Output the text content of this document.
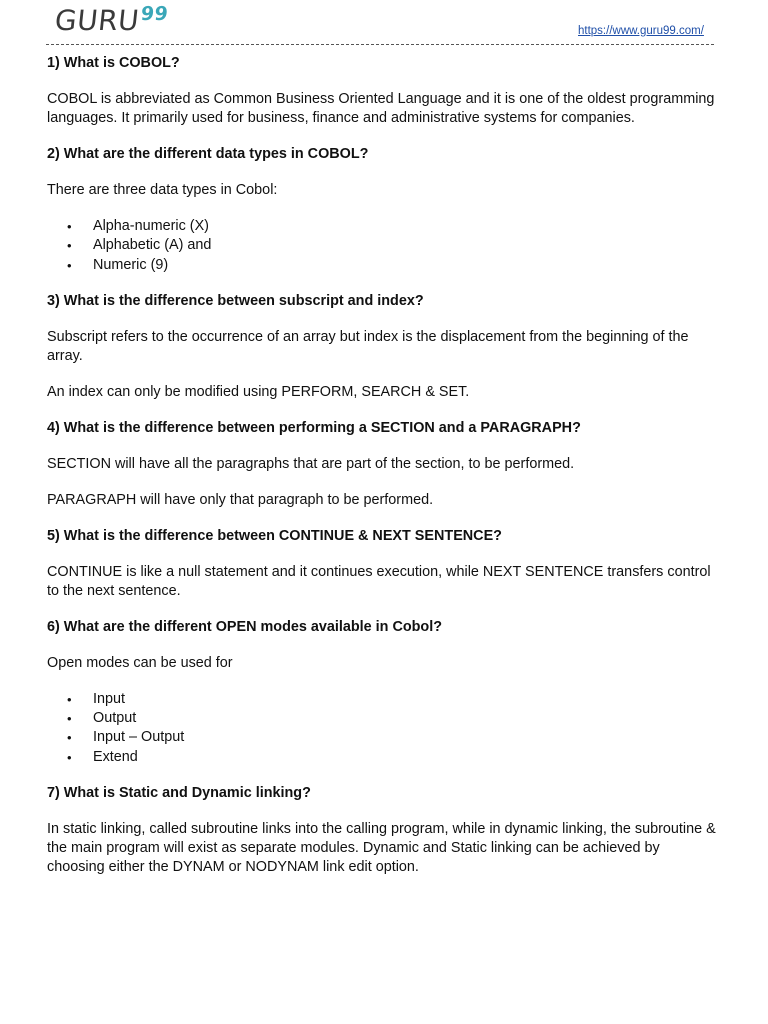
GURU$^{99}$
https://www.guru99.com/

1) What is COBOL?

COBOL is abbreviated as Common Business Oriented Language and it is one of the oldest programming languages. It primarily used for business, finance and administrative systems for companies.

2) What are the different data types in COBOL?

There are three data types in Cobol:

• Alpha-numeric (X)
• Alphabetic (A) and
• Numeric (9)

3) What is the difference between subscript and index?

Subscript refers to the occurrence of an array but index is the displacement from the beginning of the array.

An index can only be modified using PERFORM, SEARCH & SET.

4) What is the difference between performing a SECTION and a PARAGRAPH?

SECTION will have all the paragraphs that are part of the section, to be performed.

PARAGRAPH will have only that paragraph to be performed.

5) What is the difference between CONTINUE & NEXT SENTENCE?

CONTINUE is like a null statement and it continues execution, while NEXT SENTENCE transfers control to the next sentence.

6) What are the different OPEN modes available in Cobol?

Open modes can be used for

• Input
• Output
• Input – Output
• Extend

7) What is Static and Dynamic linking?

In static linking, called subroutine links into the calling program, while in dynamic linking, the subroutine & the main program will exist as separate modules. Dynamic and Static linking can be achieved by choosing either the DYNAM or NODYNAM link edit option.
